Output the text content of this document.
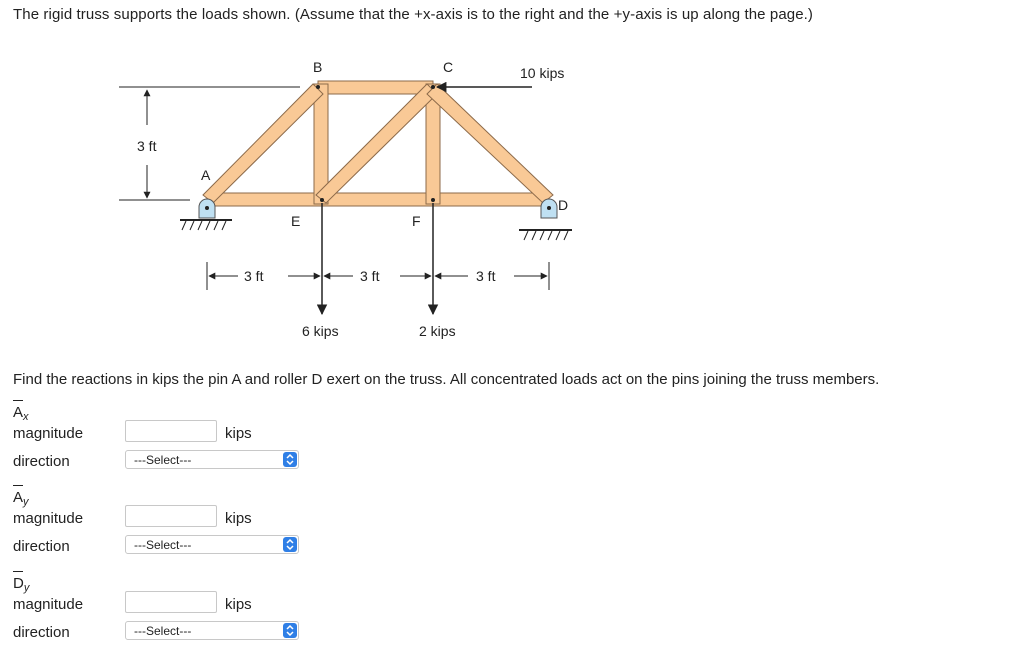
The rigid truss supports the loads shown. (Assume that the +x-axis is to the right and the +y-axis is up along the page.)
A
B	C
D
E	F
3 ft
3 ft	3 ft	3 ft
10 kips
6 kips	2 kips
Find the reactions in kips the pin A and roller D exert on the truss. All concentrated loads act on the pins joining the truss members.
$A_x$
magnitude	kips
direction	---Select---
$A_y$
magnitude	kips
direction	---Select---
$D_y$
magnitude	kips
direction	---Select---
